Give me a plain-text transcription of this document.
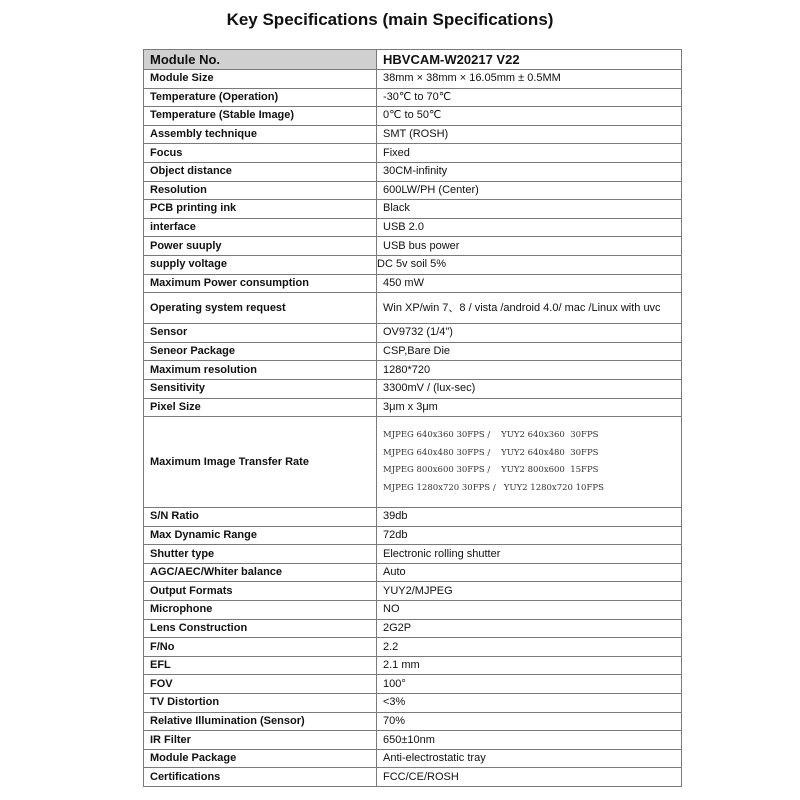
Key Specifications (main Specifications)
Module No.	HBVCAM-W20217 V22
Module Size	38mm × 38mm × 16.05mm ± 0.5MM
Temperature (Operation)	-30℃ to 70℃
Temperature (Stable Image)	0℃ to 50℃
Assembly technique	SMT (ROSH)
Focus	Fixed
Object distance	30CM-infinity
Resolution	600LW/PH (Center)
PCB printing ink	Black
interface	USB 2.0
Power suuply	USB bus power
supply voltage	DC 5v soil 5%
Maximum Power consumption	450 mW
Operating system request	Win XP/win 7、8 / vista /android 4.0/ mac /Linux with uvc
Sensor	OV9732 (1/4")
Seneor Package	CSP,Bare Die
Maximum resolution	1280*720
Sensitivity	3300mV / (lux-sec)
Pixel Size	3μm x 3μm
Maximum Image Transfer Rate	MJPEG 640x360 30FPS /    YUY2 640x360  30FPS
MJPEG 640x480 30FPS /    YUY2 640x480  30FPS
MJPEG 800x600 30FPS /    YUY2 800x600  15FPS
MJPEG 1280x720 30FPS /   YUY2 1280x720 10FPS

S/N Ratio	39db
Max Dynamic Range	72db
Shutter type	Electronic rolling shutter
AGC/AEC/Whiter balance	Auto
Output Formats	YUY2/MJPEG
Microphone	NO
Lens Construction	2G2P
F/No	2.2
EFL	2.1 mm
FOV	100°
TV Distortion	<3%
Relative Illumination (Sensor)	70%
IR Filter	650±10nm
Module Package	Anti-electrostatic tray
Certifications	FCC/CE/ROSH
